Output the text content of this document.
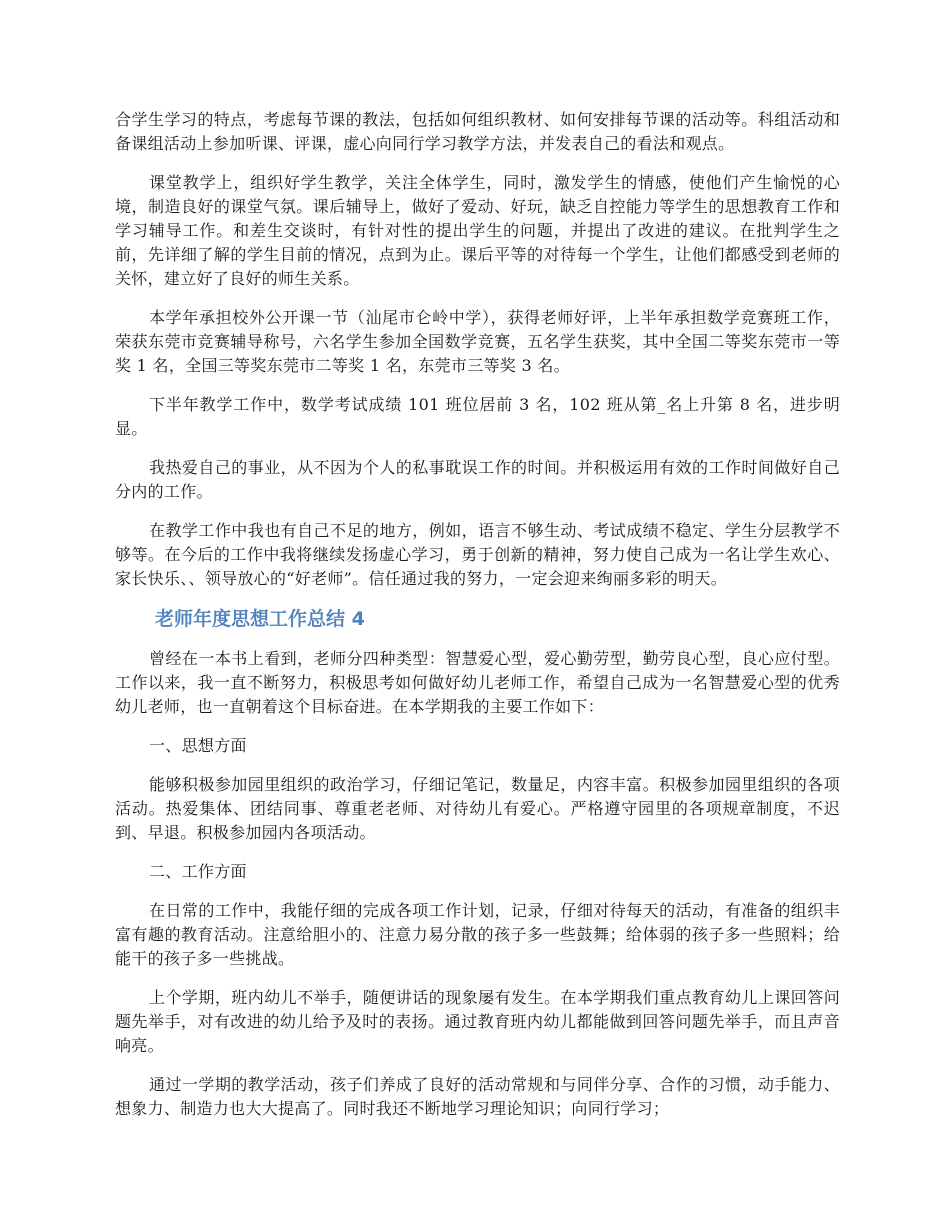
合学生学习的特点，考虑每节课的教法，包括如何组织教材、如何安排每节课的活动等。科组活动和备课组活动上参加听课、评课，虚心向同行学习教学方法，并发表自己的看法和观点。

课堂教学上，组织好学生教学，关注全体学生，同时，激发学生的情感，使他们产生愉悦的心境，制造良好的课堂气氛。课后辅导上，做好了爱动、好玩，缺乏自控能力等学生的思想教育工作和学习辅导工作。和差生交谈时，有针对性的提出学生的问题，并提出了改进的建议。在批判学生之前，先详细了解的学生目前的情况，点到为止。课后平等的对待每一个学生，让他们都感受到老师的关怀，建立好了良好的师生关系。

本学年承担校外公开课一节（汕尾市仑岭中学），获得老师好评，上半年承担数学竞赛班工作，荣获东莞市竞赛辅导称号，六名学生参加全国数学竞赛，五名学生获奖，其中全国二等奖东莞市一等奖 1 名，全国三等奖东莞市二等奖 1 名，东莞市三等奖 3 名。

下半年教学工作中，数学考试成绩 101 班位居前 3 名，102 班从第_名上升第 8 名，进步明显。

我热爱自己的事业，从不因为个人的私事耽误工作的时间。并积极运用有效的工作时间做好自己分内的工作。

在教学工作中我也有自己不足的地方，例如，语言不够生动、考试成绩不稳定、学生分层教学不够等。在今后的工作中我将继续发扬虚心学习，勇于创新的精神，努力使自己成为一名让学生欢心、家长快乐、、领导放心的“好老师”。信任通过我的努力，一定会迎来绚丽多彩的明天。

老师年度思想工作总结 4

曾经在一本书上看到，老师分四种类型：智慧爱心型，爱心勤劳型，勤劳良心型，良心应付型。工作以来，我一直不断努力，积极思考如何做好幼儿老师工作，希望自己成为一名智慧爱心型的优秀幼儿老师，也一直朝着这个目标奋进。在本学期我的主要工作如下：

一、思想方面

能够积极参加园里组织的政治学习，仔细记笔记，数量足，内容丰富。积极参加园里组织的各项活动。热爱集体、团结同事、尊重老老师、对待幼儿有爱心。严格遵守园里的各项规章制度，不迟到、早退。积极参加园内各项活动。

二、工作方面

在日常的工作中，我能仔细的完成各项工作计划，记录，仔细对待每天的活动，有准备的组织丰富有趣的教育活动。注意给胆小的、注意力易分散的孩子多一些鼓舞；给体弱的孩子多一些照料；给能干的孩子多一些挑战。

上个学期，班内幼儿不举手，随便讲话的现象屡有发生。在本学期我们重点教育幼儿上课回答问题先举手，对有改进的幼儿给予及时的表扬。通过教育班内幼儿都能做到回答问题先举手，而且声音响亮。

通过一学期的教学活动，孩子们养成了良好的活动常规和与同伴分享、合作的习惯，动手能力、想象力、制造力也大大提高了。同时我还不断地学习理论知识；向同行学习；
